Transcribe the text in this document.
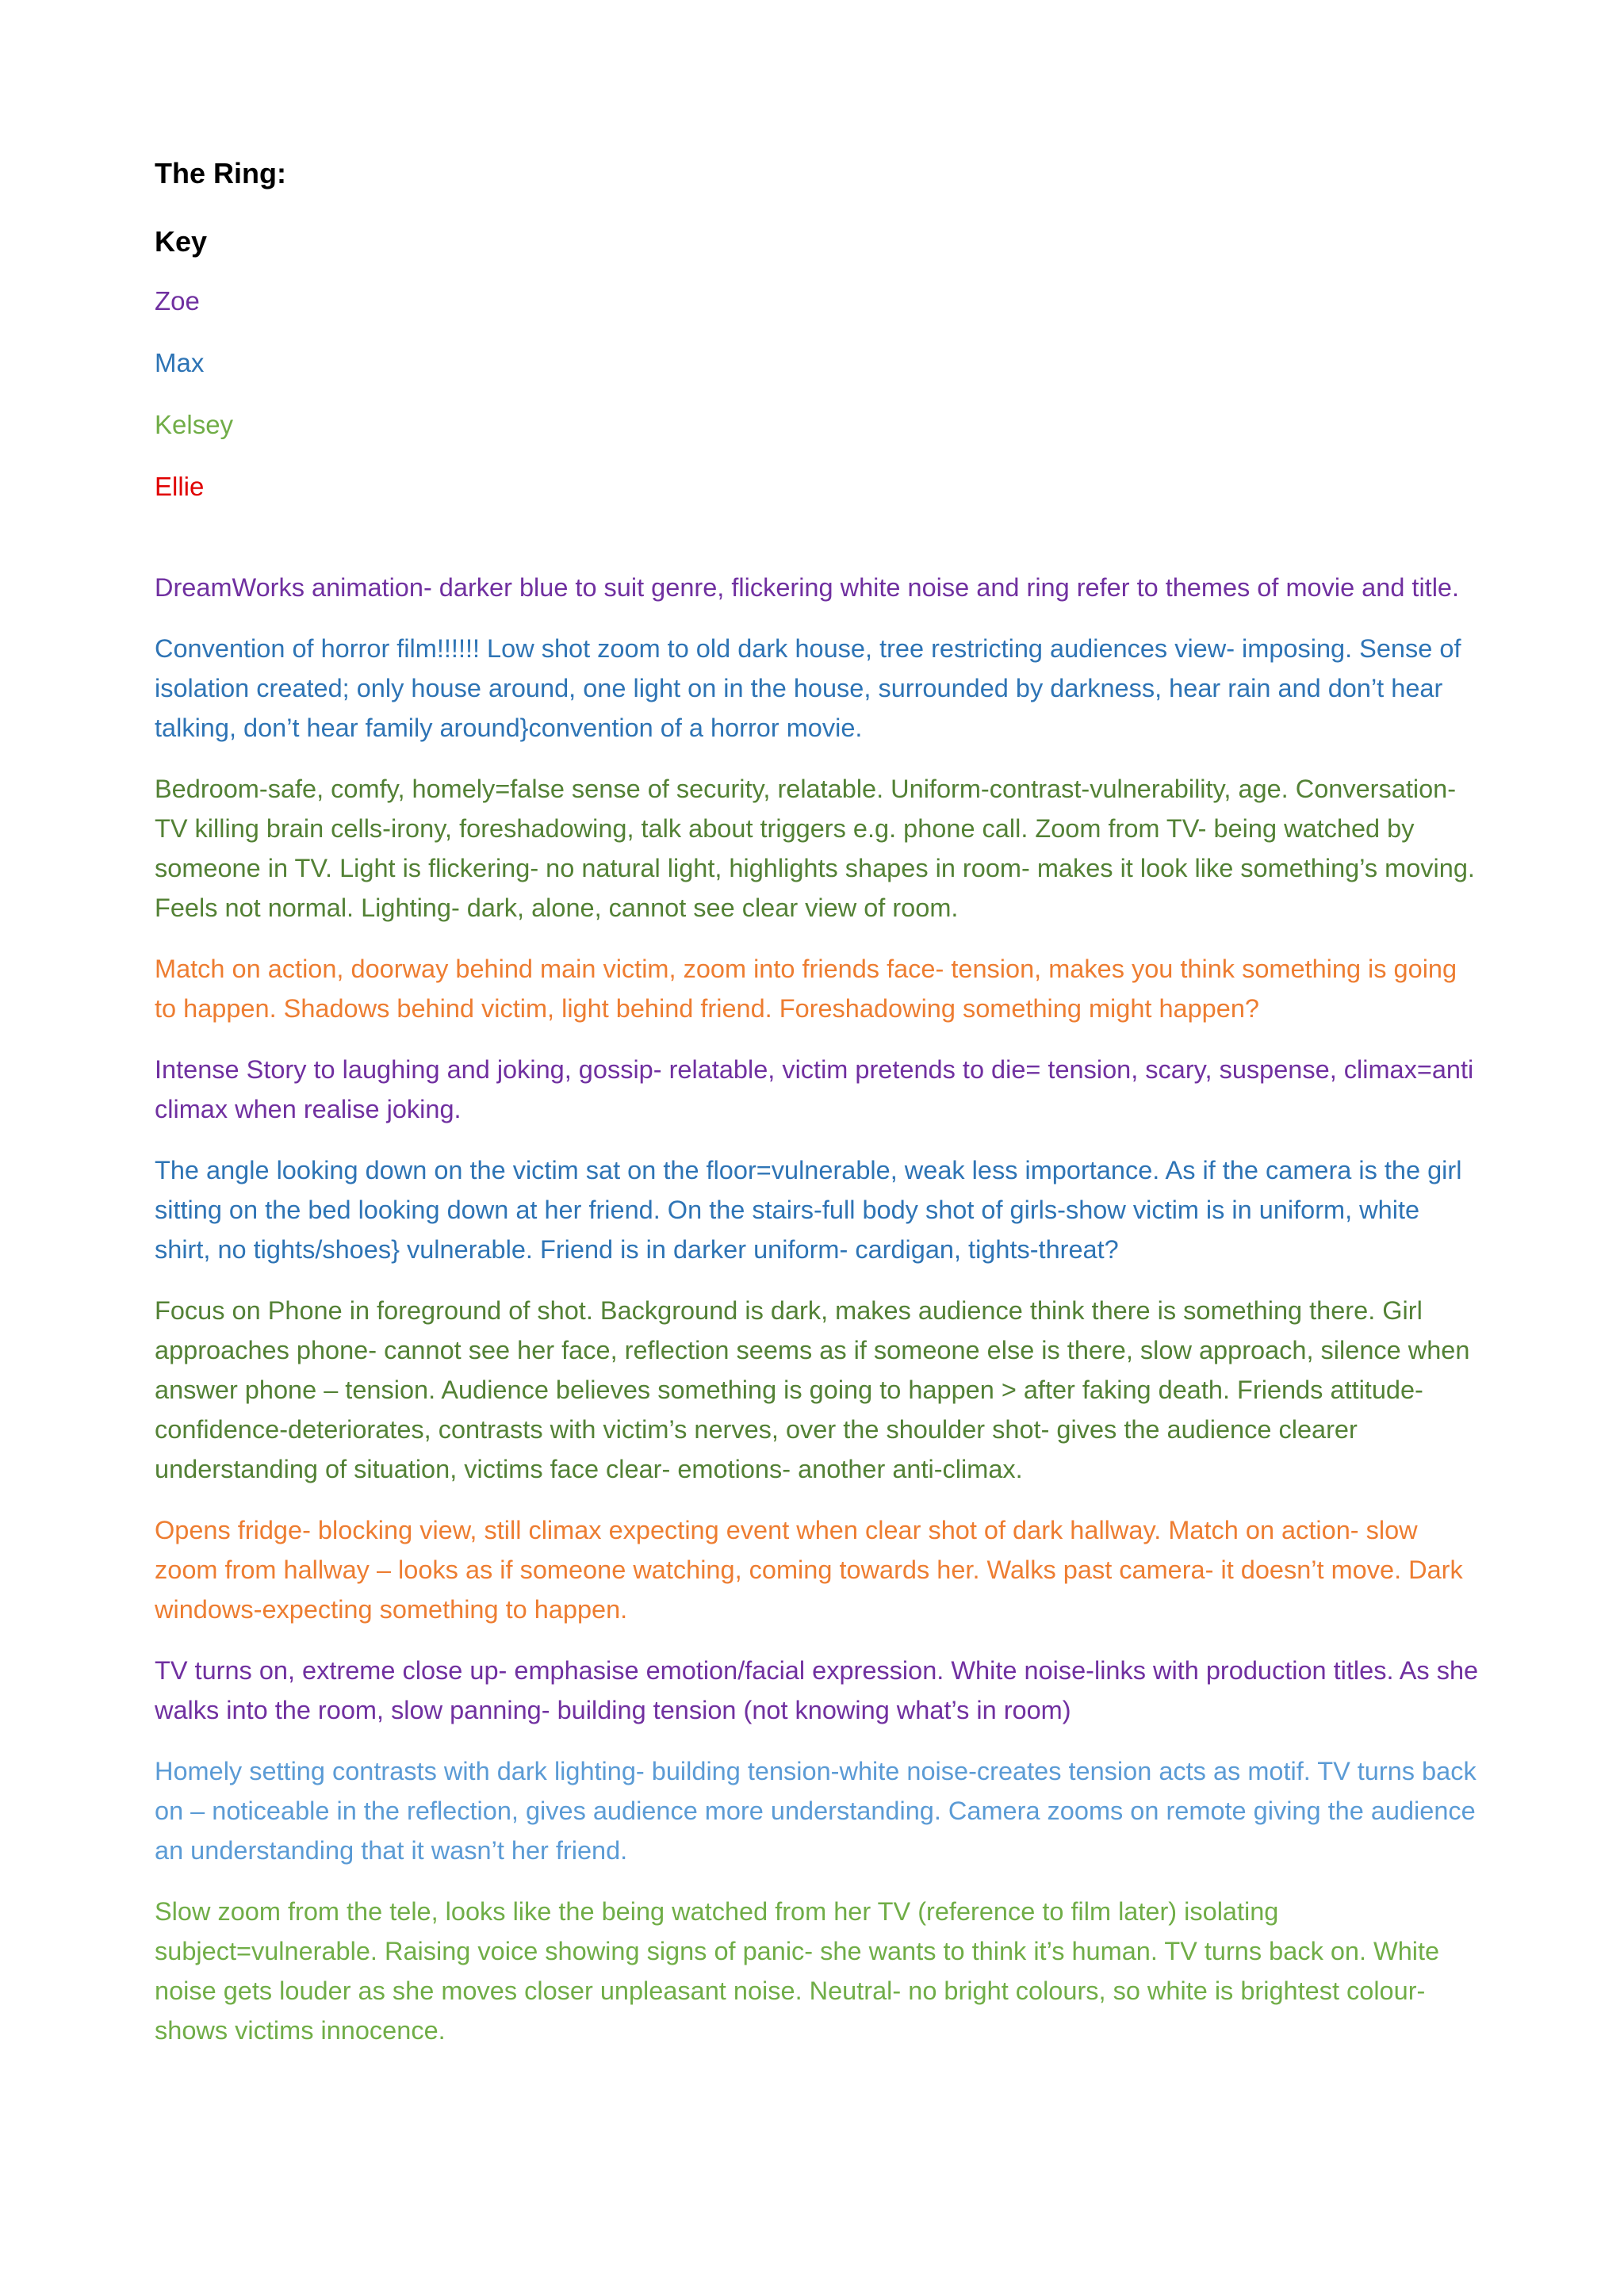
The Ring:
Key
Zoe
Max
Kelsey
Ellie

DreamWorks animation- darker blue to suit genre, flickering white noise and ring refer to themes of movie and title.

Convention of horror film!!!!!! Low shot zoom to old dark house, tree restricting audiences view- imposing. Sense of isolation created; only house around, one light on in the house, surrounded by darkness, hear rain and don’t hear talking, don’t hear family around}convention of a horror movie.

Bedroom-safe, comfy, homely=false sense of security, relatable. Uniform-contrast-vulnerability, age. Conversation-TV killing brain cells-irony, foreshadowing, talk about triggers e.g. phone call. Zoom from TV- being watched by someone in TV. Light is flickering- no natural light, highlights shapes in room- makes it look like something’s moving. Feels not normal. Lighting- dark, alone, cannot see clear view of room.

Match on action, doorway behind main victim, zoom into friends face- tension, makes you think something is going to happen. Shadows behind victim, light behind friend. Foreshadowing something might happen?

Intense Story to laughing and joking, gossip- relatable, victim pretends to die= tension, scary, suspense, climax=anti climax when realise joking.

The angle looking down on the victim sat on the floor=vulnerable, weak less importance. As if the camera is the girl sitting on the bed looking down at her friend. On the stairs-full body shot of girls-show victim is in uniform, white shirt, no tights/shoes} vulnerable. Friend is in darker uniform- cardigan, tights-threat?

Focus on Phone in foreground of shot. Background is dark, makes audience think there is something there. Girl approaches phone- cannot see her face, reflection seems as if someone else is there, slow approach, silence when answer phone – tension. Audience believes something is going to happen > after faking death. Friends attitude-confidence-deteriorates, contrasts with victim’s nerves, over the shoulder shot- gives the audience clearer understanding of situation, victims face clear- emotions- another anti-climax.

Opens fridge- blocking view, still climax expecting event when clear shot of dark hallway. Match on action- slow zoom from hallway – looks as if someone watching, coming towards her. Walks past camera- it doesn’t move. Dark windows-expecting something to happen.

TV turns on, extreme close up- emphasise emotion/facial expression. White noise-links with production titles. As she walks into the room, slow panning- building tension (not knowing what’s in room)

Homely setting contrasts with dark lighting- building tension-white noise-creates tension acts as motif. TV turns back on – noticeable in the reflection, gives audience more understanding. Camera zooms on remote giving the audience an understanding that it wasn’t her friend.

Slow zoom from the tele, looks like the being watched from her TV (reference to film later) isolating subject=vulnerable. Raising voice showing signs of panic- she wants to think it’s human. TV turns back on. White noise gets louder as she moves closer unpleasant noise. Neutral- no bright colours, so white is brightest colour- shows victims innocence.
